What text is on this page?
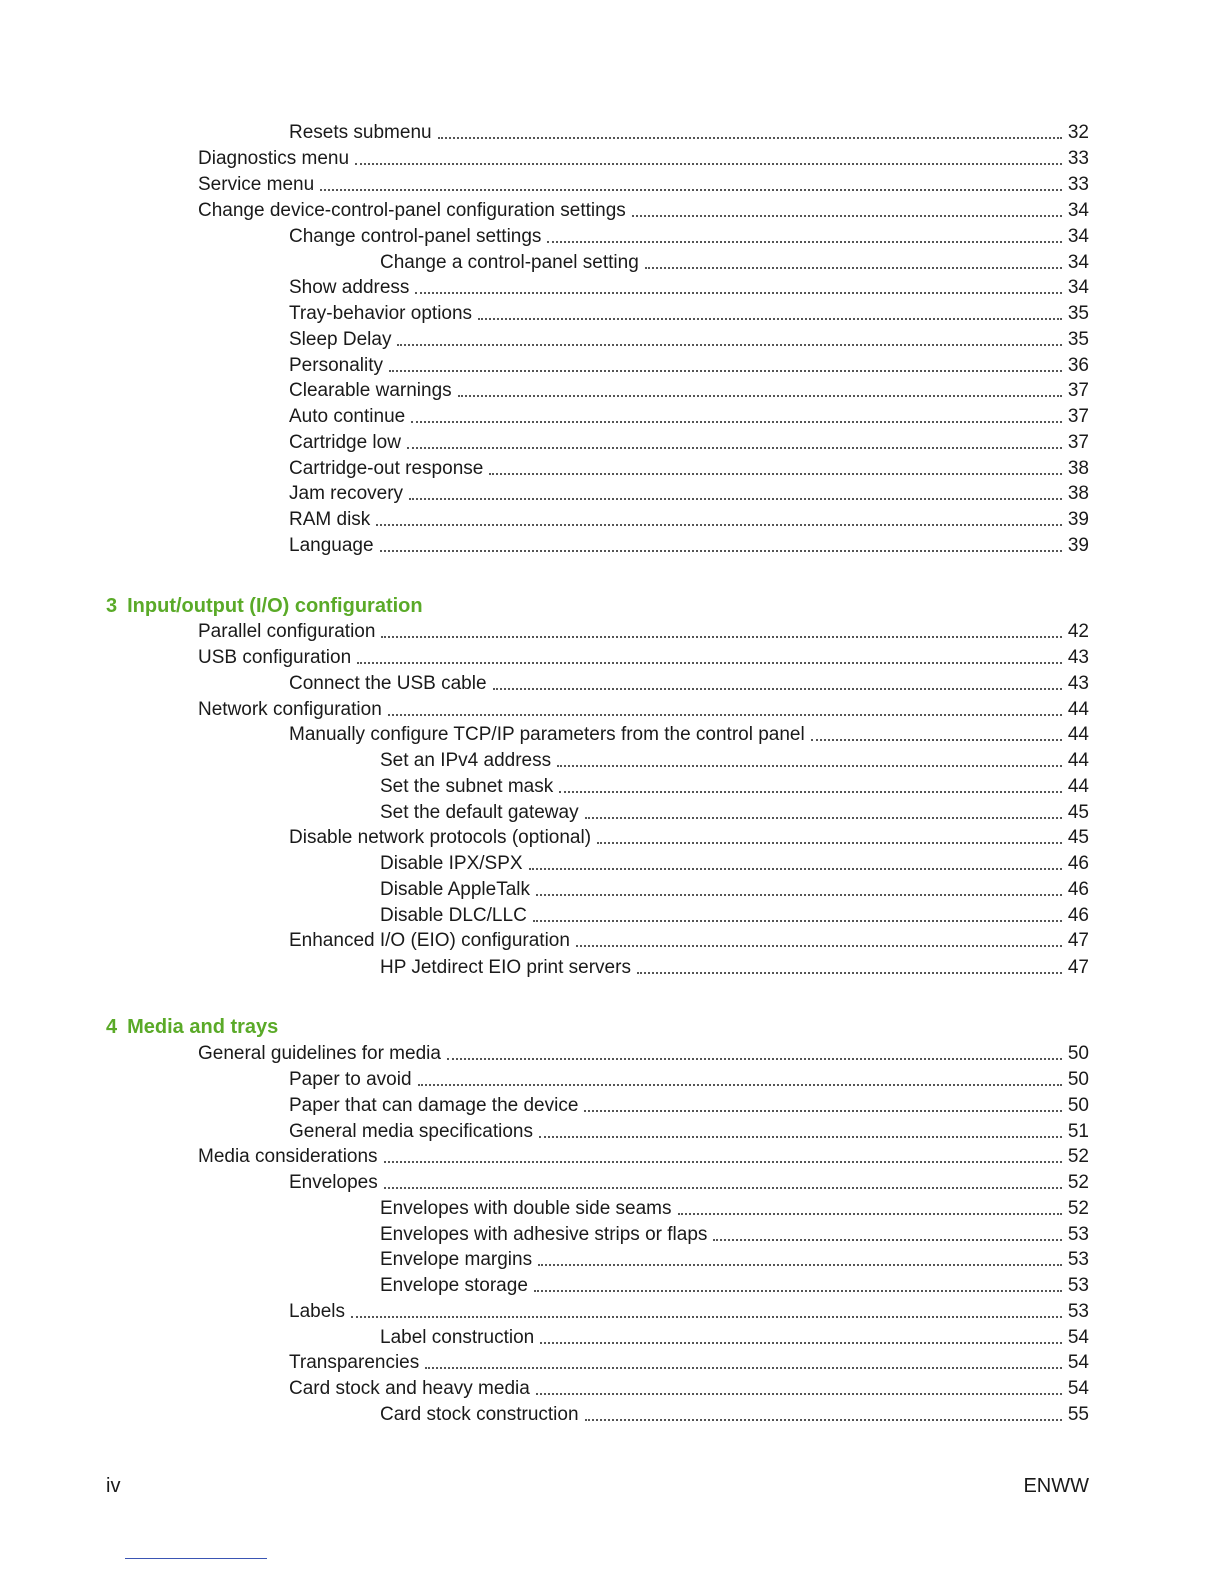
Resets submenu	32
Diagnostics menu	33
Service menu	33
Change device-control-panel configuration settings	34
Change control-panel settings	34
Change a control-panel setting	34
Show address	34
Tray-behavior options	35
Sleep Delay	35
Personality	36
Clearable warnings	37
Auto continue	37
Cartridge low	37
Cartridge-out response	38
Jam recovery	38
RAM disk	39
Language	39
3 Input/output (I/O) configuration
Parallel configuration	42
USB configuration	43
Connect the USB cable	43
Network configuration	44
Manually configure TCP/IP parameters from the control panel	44
Set an IPv4 address	44
Set the subnet mask	44
Set the default gateway	45
Disable network protocols (optional)	45
Disable IPX/SPX	46
Disable AppleTalk	46
Disable DLC/LLC	46
Enhanced I/O (EIO) configuration	47
HP Jetdirect EIO print servers	47
4 Media and trays
General guidelines for media	50
Paper to avoid	50
Paper that can damage the device	50
General media specifications	51
Media considerations	52
Envelopes	52
Envelopes with double side seams	52
Envelopes with adhesive strips or flaps	53
Envelope margins	53
Envelope storage	53
Labels	53
Label construction	54
Transparencies	54
Card stock and heavy media	54
Card stock construction	55
iv	ENWW
